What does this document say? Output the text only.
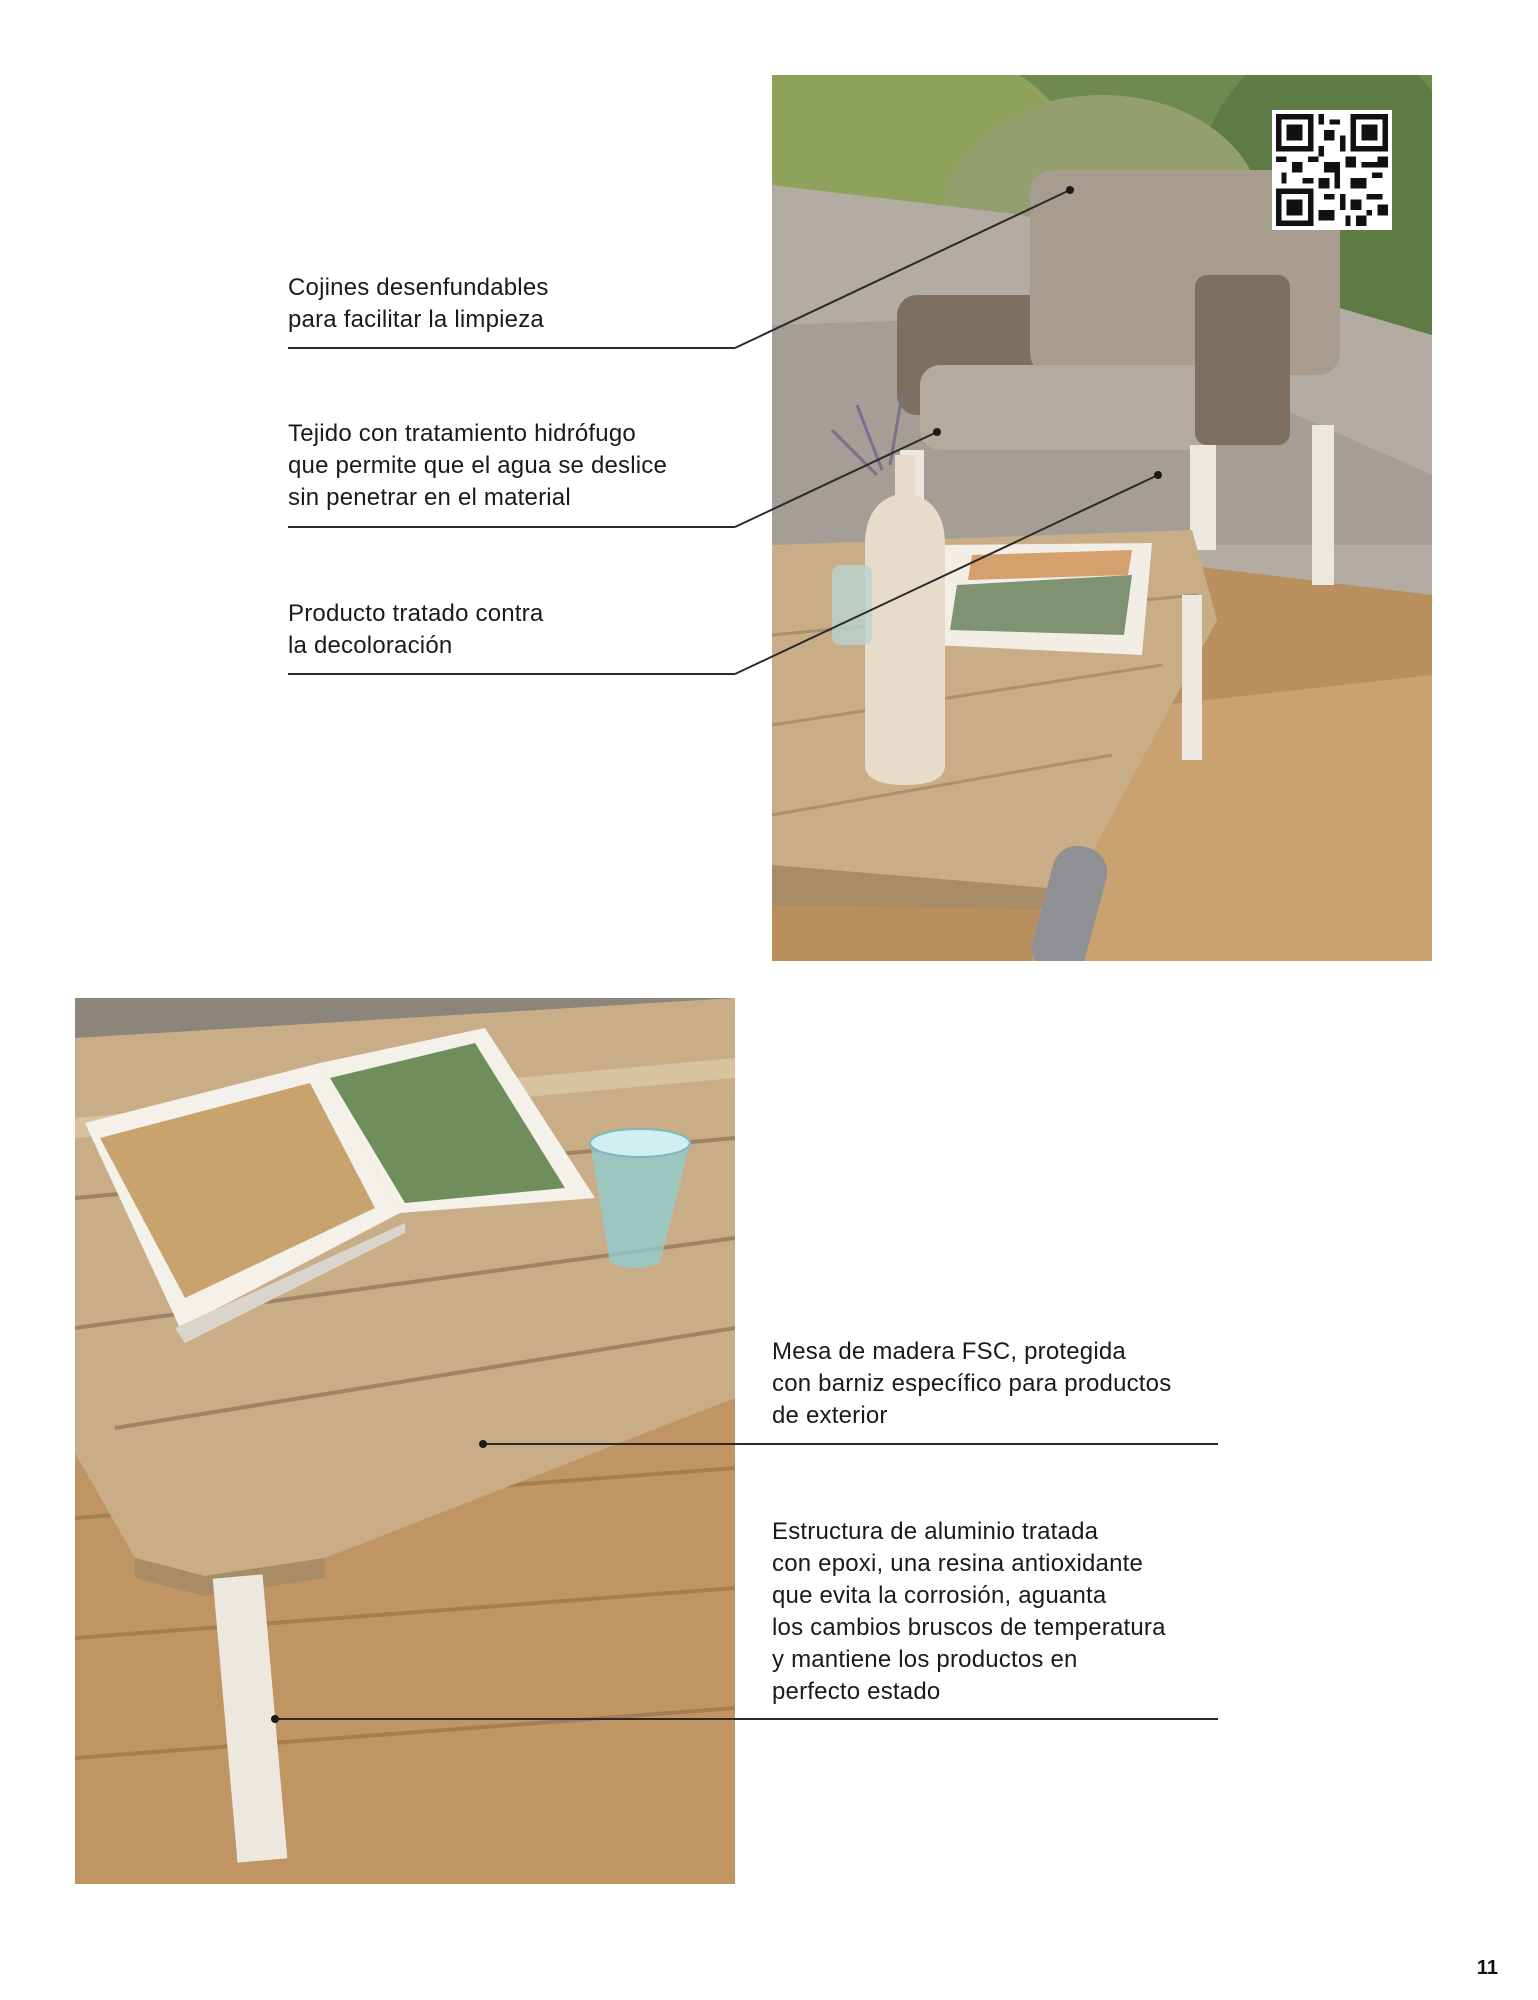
Cojines desenfundables
para facilitar la limpieza

Tejido con tratamiento hidrófugo
que permite que el agua se deslice
sin penetrar en el material

Producto tratado contra
la decoloración

Mesa de madera FSC, protegida
con barniz específico para productos
de exterior

Estructura de aluminio tratada
con epoxi, una resina antioxidante
que evita la corrosión, aguanta
los cambios bruscos de temperatura
y mantiene los productos en
perfecto estado

11
